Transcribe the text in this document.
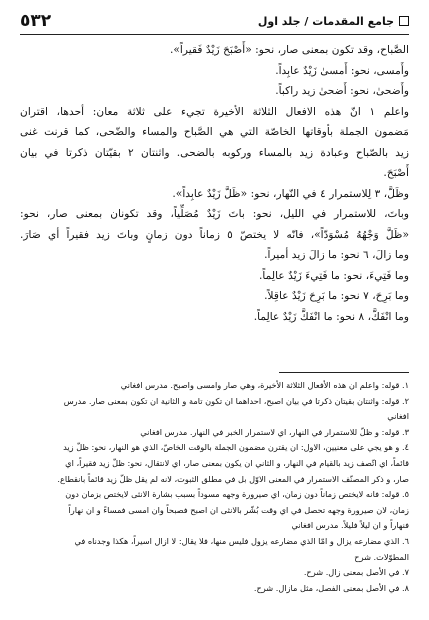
جامع المقدمات / جلد اول
٥٣٢

الصَّباح، وقد تكون بمعنى صار، نحو: «أَصْبَحَ زَيْدٌ فَقيراً».

وأَمسى، نحو: أَمسىٰ زَيْدٌ عابِداً.

وأَضحىٰ، نحو: أَضحىٰ زيد راكباً.

واعلم ١ انّ هذه الافعال الثلاثة الأخيرة تجيء على ثلاثة معان: أحدها، اقتران

مَضمون الجملة بأوقاتها الخاصّة التي هي الصَّباح والمساء والضّحى، كما قرنت غنى

زيد بالصّباح وعبادة زيد بالمساء وركوبه بالضحى. واثنتان ٢ بقيّتان ذكرتا في بيان

أَصْبَحَ.

وظَلَّ، ٣ لِلاستمرار ٤ في النّهار، نحو: «ظَلَّ زَيْدٌ عابِداً».

وباتَ، للاستمرار في الليل، نحو: باتَ زَيْدٌ مُصَلِّياً، وقد تكونان بمعنى صار، نحو:

«ظَلَّ وَجْهُهُ مُسْوَدّاً»، فانّه لا يختصّ ٥ زماناً دون زمانٍ وباتَ زيد فقيراً أي صَارَ.

وما زالَ، ٦ نحو: ما زالَ زيد أميراً.

وما فَتِيءَ، نحو: ما فَتِيءَ زَيْدٌ عالِماً.

وما بَرِحَ، ٧ نحو: ما بَرِحَ زَيْدٌ عاقِلاً.

وما انْفَكَّ، ٨ نحو: ما انْفَكَّ زَيْدٌ عالِماً.

١. قوله: واعلم ان هذه الأفعال الثلاثة الأخيرة، وهي صار وامسى واصبح. مدرس افغاني

٢. قوله: واثنتان بقيتان ذكرتا في بيان اصبح، احداهما ان تكون تامة و الثانية ان تكون بمعنى صار. مدرس

افغاني

٣. قوله: و ظلّ للاستمرار في النهار، اي لاستمرار الخبر في النهار. مدرس افغاني

٤. و هو يجي على معنيين، الاول: ان يقترن مضمون الجملة بالوقت الخاصّ، الذي هو النهار، نحو: ظلّ زيد

قائماً، اي اتّصف زيد بالقيام في النهار، و الثاني ان يكون بمعنى صار، اي لانتقال، نحو: ظلّ زيد فقيراً، اي

صار، و ذكر المصنّف الاستمرار في المعنى الاوّل بل في مطلق الثبوت، لانه لم يقل ظلّ زيد قائماً بانقطاع.

٥. قوله: فانه لايختص زماناً دون زمان، اي صيرورة وجهه مسوداً بسبب بشارة الانثى لايختص بزمان دون

زمان، لان صيرورة وجهه تحصل في اي وقت بُشّر بالانثى ان اصبح فصبحاً وان امسى فمساءً و ان نهاراً

فنهاراً و ان ليلاً فليلاً. مدرس افغاني

٦. الذي مضارعه يزال و امّا الذي مضارعه يزول فليس منها، فلا يقال: لا ازال اسيراً، هكذا وجدناه في

المطوّلات. شرح

٧. في الأصل بمعنى زال. شرح.

٨. في الأصل بمعنى الفصل، مثل مازال. شرح.
